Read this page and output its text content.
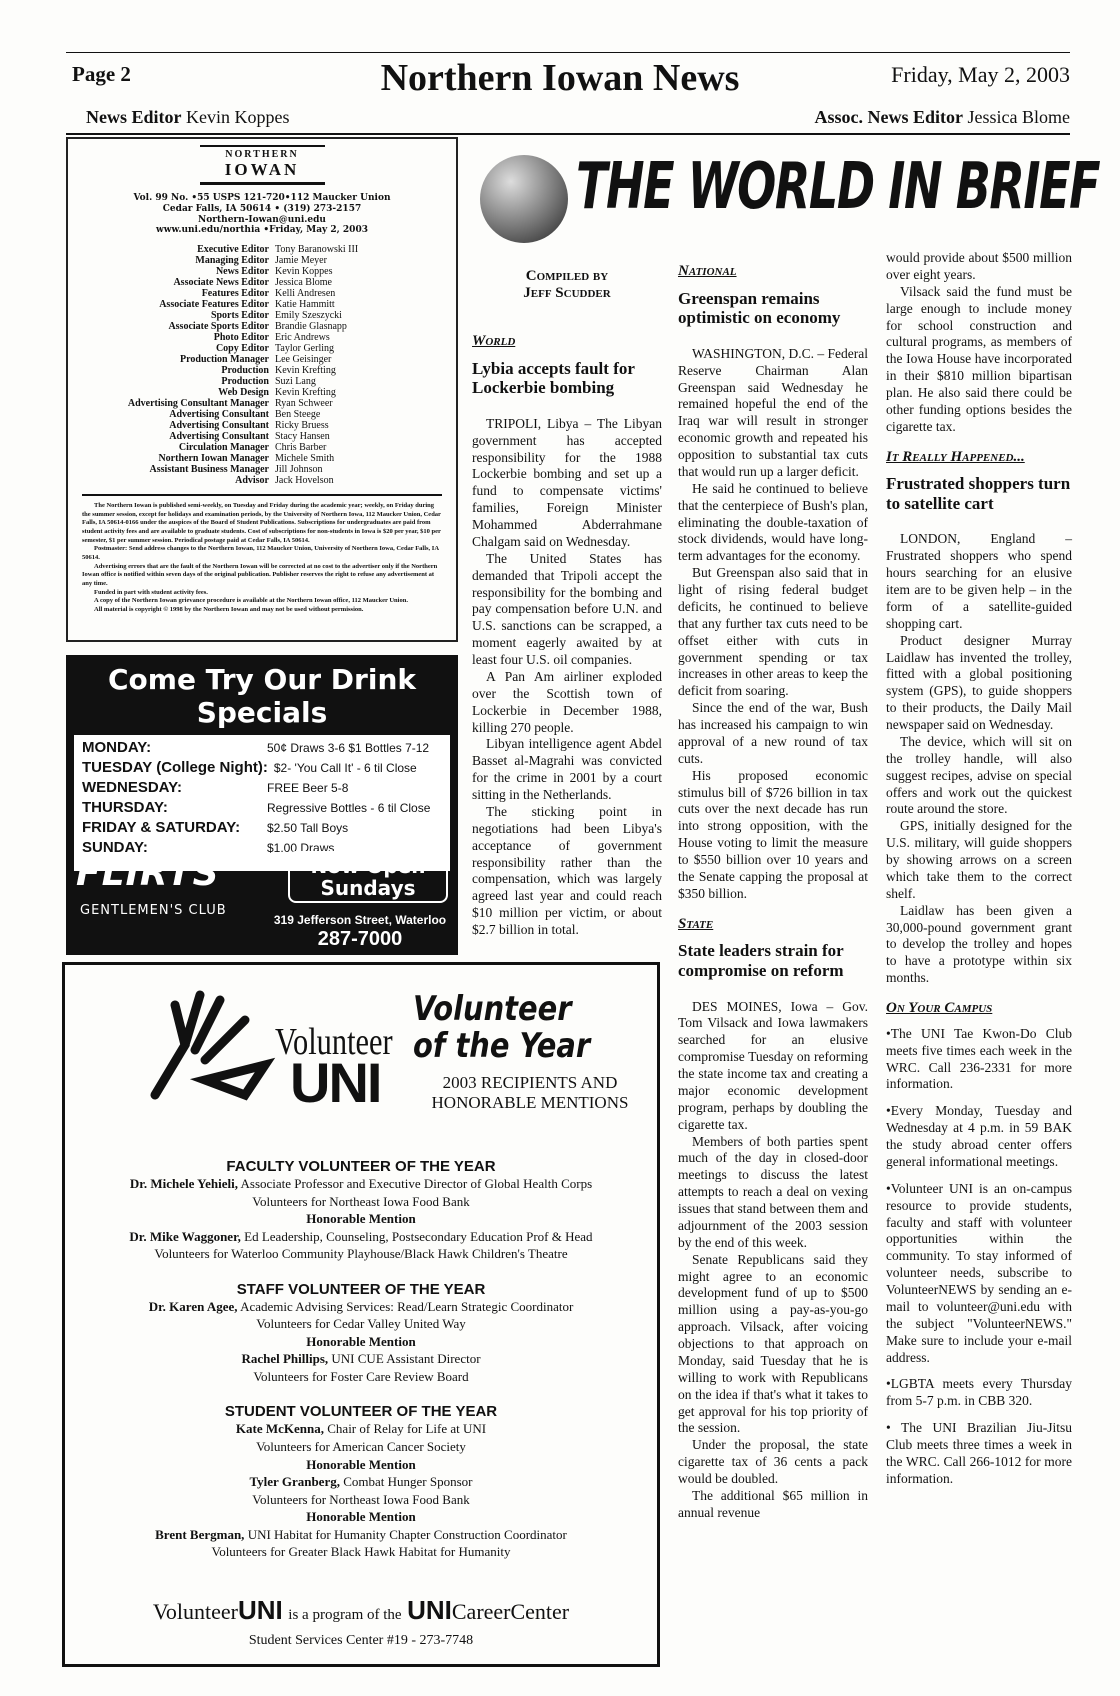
Page 2	Northern Iowan News	Friday, May 2, 2003
News Editor Kevin Koppes	Assoc. News Editor Jessica Blome
NORTHERN
IOWAN
Vol. 99 No. •55 USPS 121-720•112 Maucker Union
Cedar Falls, IA 50614 • (319) 273-2157
Northern-Iowan@uni.edu
www.uni.edu/northia •Friday, May 2, 2003
Executive Editor Tony Baranowski III
Managing Editor Jamie Meyer
News Editor Kevin Koppes
Associate News Editor Jessica Blome
Features Editor Kelli Andresen
Associate Features Editor Katie Hammitt
Sports Editor Emily Szeszycki
Associate Sports Editor Brandie Glasnapp
Photo Editor Eric Andrews
Copy Editor Taylor Gerling
Production Manager Lee Geisinger
Production Kevin Krefting
Production Suzi Lang
Web Design Kevin Krefting
Advertising Consultant Manager Ryan Schweer
Advertising Consultant Ben Steege
Advertising Consultant Ricky Bruess
Advertising Consultant Stacy Hansen
Circulation Manager Chris Barber
Northern Iowan Manager Michele Smith
Assistant Business Manager Jill Johnson
Advisor Jack Hovelson

The Northern Iowan is published semi-weekly, on Tuesday and Friday during the academic year; weekly, on Friday during the summer session, except for holidays and examination periods, by the University of Northern Iowa, 112 Maucker Union, Cedar Falls, IA 50614-0166 under the auspices of the Board of Student Publications. Subscriptions for undergraduates are paid from student activity fees and are available to graduate students. Cost of subscriptions for non-students in Iowa is $20 per year, $10 per semester, $1 per summer session. Periodical postage paid at Cedar Falls, IA 50614.

Postmaster: Send address changes to the Northern Iowan, 112 Maucker Union, University of Northern Iowa, Cedar Falls, IA 50614.

Advertising errors that are the fault of the Northern Iowan will be corrected at no cost to the advertiser only if the Northern Iowan office is notified within seven days of the original publication. Publisher reserves the right to refuse any advertisement at any time.

Funded in part with student activity fees.

A copy of the Northern Iowan grievance procedure is available at the Northern Iowan office, 112 Maucker Union.

All material is copyright © 1998 by the Northern Iowan and may not be used without permission.

Come Try Our Drink Specials
MONDAY:	50¢ Draws 3-6 $1 Bottles 7-12
TUESDAY (College Night): $2- 'You Call It' - 6 til Close
WEDNESDAY:	FREE Beer 5-8
THURSDAY:	Regressive Bottles - 6 til Close
FRIDAY & SATURDAY:	$2.50 Tall Boys
SUNDAY:	$1.00 Draws
FLIRTS
GENTLEMEN'S CLUB
Now Open Sundays
319 Jefferson Street, Waterloo
287-7000
Volunteer
UNI
Volunteer
of the Year
2003 RECIPIENTS AND HONORABLE MENTIONS
FACULTY VOLUNTEER OF THE YEAR
Dr. Michele Yehieli, Associate Professor and Executive Director of Global Health Corps
Volunteers for Northeast Iowa Food Bank
Honorable Mention
Dr. Mike Waggoner, Ed Leadership, Counseling, Postsecondary Education Prof & Head
Volunteers for Waterloo Community Playhouse/Black Hawk Children's Theatre
STAFF VOLUNTEER OF THE YEAR
Dr. Karen Agee, Academic Advising Services: Read/Learn Strategic Coordinator
Volunteers for Cedar Valley United Way
Honorable Mention
Rachel Phillips, UNI CUE Assistant Director
Volunteers for Foster Care Review Board
STUDENT VOLUNTEER OF THE YEAR
Kate McKenna, Chair of Relay for Life at UNI
Volunteers for American Cancer Society
Honorable Mention
Tyler Granberg, Combat Hunger Sponsor
Volunteers for Northeast Iowa Food Bank
Honorable Mention
Brent Bergman, UNI Habitat for Humanity Chapter Construction Coordinator
Volunteers for Greater Black Hawk Habitat for Humanity
VolunteerUNI is a program of the UNICareerCenter
Student Services Center #19 - 273-7748
THE WORLD IN BRIEF
Compiled by
Jeff Scudder
World
Lybia accepts fault for Lockerbie bombing

TRIPOLI, Libya – The Libyan government has accepted responsibility for the 1988 Lockerbie bombing and set up a fund to compensate victims' families, Foreign Minister Mohammed Abderrahmane Chalgam said on Wednesday.

The United States has demanded that Tripoli accept the responsibility for the bombing and pay compensation before U.N. and U.S. sanctions can be scrapped, a moment eagerly awaited by at least four U.S. oil companies.

A Pan Am airliner exploded over the Scottish town of Lockerbie in December 1988, killing 270 people.

Libyan intelligence agent Abdel Basset al-Magrahi was convicted for the crime in 2001 by a court sitting in the Netherlands.

The sticking point in negotiations had been Libya's acceptance of government responsibility rather than the compensation, which was largely agreed last year and could reach $10 million per victim, or about $2.7 billion in total.

National
Greenspan remains optimistic on economy

WASHINGTON, D.C. – Federal Reserve Chairman Alan Greenspan said Wednesday he remained hopeful the end of the Iraq war will result in stronger economic growth and repeated his opposition to substantial tax cuts that would run up a larger deficit.

He said he continued to believe that the centerpiece of Bush's plan, eliminating the double-taxation of stock dividends, would have long-term advantages for the economy.

But Greenspan also said that in light of rising federal budget deficits, he continued to believe that any further tax cuts need to be offset either with cuts in government spending or tax increases in other areas to keep the deficit from soaring.

Since the end of the war, Bush has increased his campaign to win approval of a new round of tax cuts.

His proposed economic stimulus bill of $726 billion in tax cuts over the next decade has run into strong opposition, with the House voting to limit the measure to $550 billion over 10 years and the Senate capping the proposal at $350 billion.

State
State leaders strain for compromise on reform

DES MOINES, Iowa – Gov. Tom Vilsack and Iowa lawmakers searched for an elusive compromise Tuesday on reforming the state income tax and creating a major economic development program, perhaps by doubling the cigarette tax.

Members of both parties spent much of the day in closed-door meetings to discuss the latest attempts to reach a deal on vexing issues that stand between them and adjournment of the 2003 session by the end of this week.

Senate Republicans said they might agree to an economic development fund of up to $500 million using a pay-as-you-go approach. Vilsack, after voicing objections to that approach on Monday, said Tuesday that he is willing to work with Republicans on the idea if that's what it takes to get approval for his top priority of the session.

Under the proposal, the state cigarette tax of 36 cents a pack would be doubled.

The additional $65 million in annual revenue

would provide about $500 million over eight years.

Vilsack said the fund must be large enough to include money for school construction and cultural programs, as members of the Iowa House have incorporated in their $810 million bipartisan plan. He also said there could be other funding options besides the cigarette tax.

It Really Happened...
Frustrated shoppers turn to satellite cart

LONDON, England – Frustrated shoppers who spend hours searching for an elusive item are to be given help – in the form of a satellite-guided shopping cart.

Product designer Murray Laidlaw has invented the trolley, fitted with a global positioning system (GPS), to guide shoppers to their products, the Daily Mail newspaper said on Wednesday.

The device, which will sit on the trolley handle, will also suggest recipes, advise on special offers and work out the quickest route around the store.

GPS, initially designed for the U.S. military, will guide shoppers by showing arrows on a screen which take them to the correct shelf.

Laidlaw has been given a 30,000-pound government grant to develop the trolley and hopes to have a prototype within six months.

On Your Campus

•The UNI Tae Kwon-Do Club meets five times each week in the WRC. Call 236-2331 for more information.

•Every Monday, Tuesday and Wednesday at 4 p.m. in 59 BAK the study abroad center offers general informational meetings.

•Volunteer UNI is an on-campus resource to provide students, faculty and staff with volunteer opportunities within the community. To stay informed of volunteer needs, subscribe to VolunteerNEWS by sending an e-mail to volunteer@uni.edu with the subject "VolunteerNEWS." Make sure to include your e-mail address.

•LGBTA meets every Thursday from 5-7 p.m. in CBB 320.

• The UNI Brazilian Jiu-Jitsu Club meets three times a week in the WRC. Call 266-1012 for more information.
